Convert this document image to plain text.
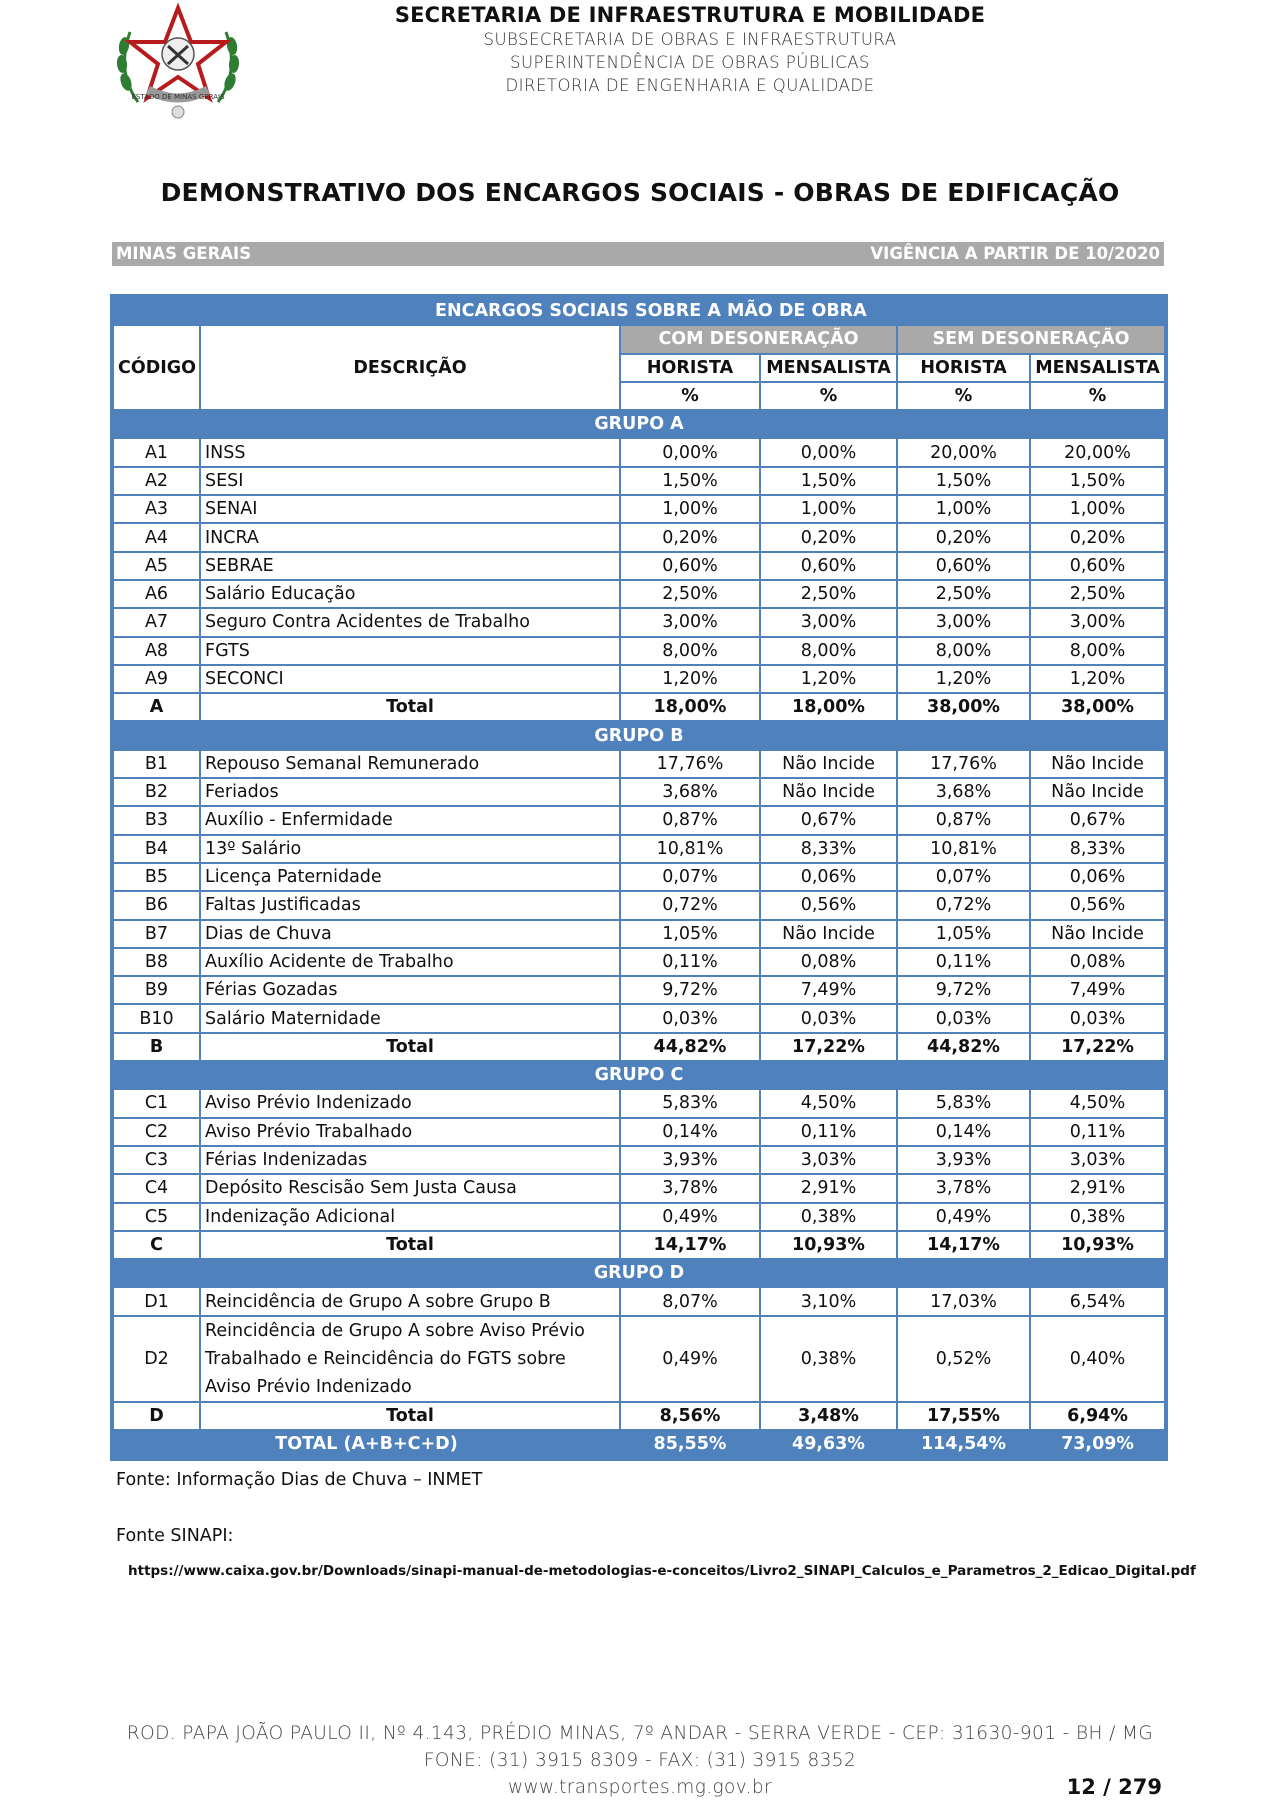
ESTADO DE MINAS GERAIS
SECRETARIA DE INFRAESTRUTURA E MOBILIDADE
SUBSECRETARIA DE OBRAS E INFRAESTRUTURA
SUPERINTENDÊNCIA DE OBRAS PÚBLICAS
DIRETORIA DE ENGENHARIA E QUALIDADE
DEMONSTRATIVO DOS ENCARGOS SOCIAIS - OBRAS DE EDIFICAÇÃO
MINAS GERAIS	VIGÊNCIA A PARTIR DE 10/2020
		ENCARGOS SOCIAIS SOBRE A MÃO DE OBRA			
CÓDIGO	DESCRIÇÃO	COM DESONERAÇÃO		SEM DESONERAÇÃO	
		HORISTA	MENSALISTA	HORISTA	MENSALISTA
		%	%	%	%
GRUPO A					
A1	INSS	0,00%	0,00%	20,00%	20,00%
A2	SESI	1,50%	1,50%	1,50%	1,50%
A3	SENAI	1,00%	1,00%	1,00%	1,00%
A4	INCRA	0,20%	0,20%	0,20%	0,20%
A5	SEBRAE	0,60%	0,60%	0,60%	0,60%
A6	Salário Educação	2,50%	2,50%	2,50%	2,50%
A7	Seguro Contra Acidentes de Trabalho	3,00%	3,00%	3,00%	3,00%
A8	FGTS	8,00%	8,00%	8,00%	8,00%
A9	SECONCI	1,20%	1,20%	1,20%	1,20%
A	Total	18,00%	18,00%	38,00%	38,00%
GRUPO B					
B1	Repouso Semanal Remunerado	17,76%	Não Incide	17,76%	Não Incide
B2	Feriados	3,68%	Não Incide	3,68%	Não Incide
B3	Auxílio - Enfermidade	0,87%	0,67%	0,87%	0,67%
B4	13º Salário	10,81%	8,33%	10,81%	8,33%
B5	Licença Paternidade	0,07%	0,06%	0,07%	0,06%
B6	Faltas Justificadas	0,72%	0,56%	0,72%	0,56%
B7	Dias de Chuva	1,05%	Não Incide	1,05%	Não Incide
B8	Auxílio Acidente de Trabalho	0,11%	0,08%	0,11%	0,08%
B9	Férias Gozadas	9,72%	7,49%	9,72%	7,49%
B10	Salário Maternidade	0,03%	0,03%	0,03%	0,03%
B	Total	44,82%	17,22%	44,82%	17,22%
GRUPO C					
C1	Aviso Prévio Indenizado	5,83%	4,50%	5,83%	4,50%
C2	Aviso Prévio Trabalhado	0,14%	0,11%	0,14%	0,11%
C3	Férias Indenizadas	3,93%	3,03%	3,93%	3,03%
C4	Depósito Rescisão Sem Justa Causa	3,78%	2,91%	3,78%	2,91%
C5	Indenização Adicional	0,49%	0,38%	0,49%	0,38%
C	Total	14,17%	10,93%	14,17%	10,93%
GRUPO D					
D1	Reincidência de Grupo A sobre Grupo B	8,07%	3,10%	17,03%	6,54%
D2	Reincidência de Grupo A sobre Aviso Prévio Trabalhado e Reincidência do FGTS sobre Aviso Prévio Indenizado	0,49%	0,38%	0,52%	0,40%
D	Total	8,56%	3,48%	17,55%	6,94%
TOTAL (A+B+C+D)		85,55%	49,63%	114,54%	73,09%
Fonte: Informação Dias de Chuva – INMET
Fonte SINAPI:
https://www.caixa.gov.br/Downloads/sinapi-manual-de-metodologias-e-conceitos/Livro2_SINAPI_Calculos_e_Parametros_2_Edicao_Digital.pdf
ROD. PAPA JOÃO PAULO II, Nº 4.143, PRÉDIO MINAS, 7º ANDAR - SERRA VERDE - CEP: 31630-901 - BH / MG
FONE: (31) 3915 8309 - FAX: (31) 3915 8352
www.transportes.mg.gov.br	12 / 279
